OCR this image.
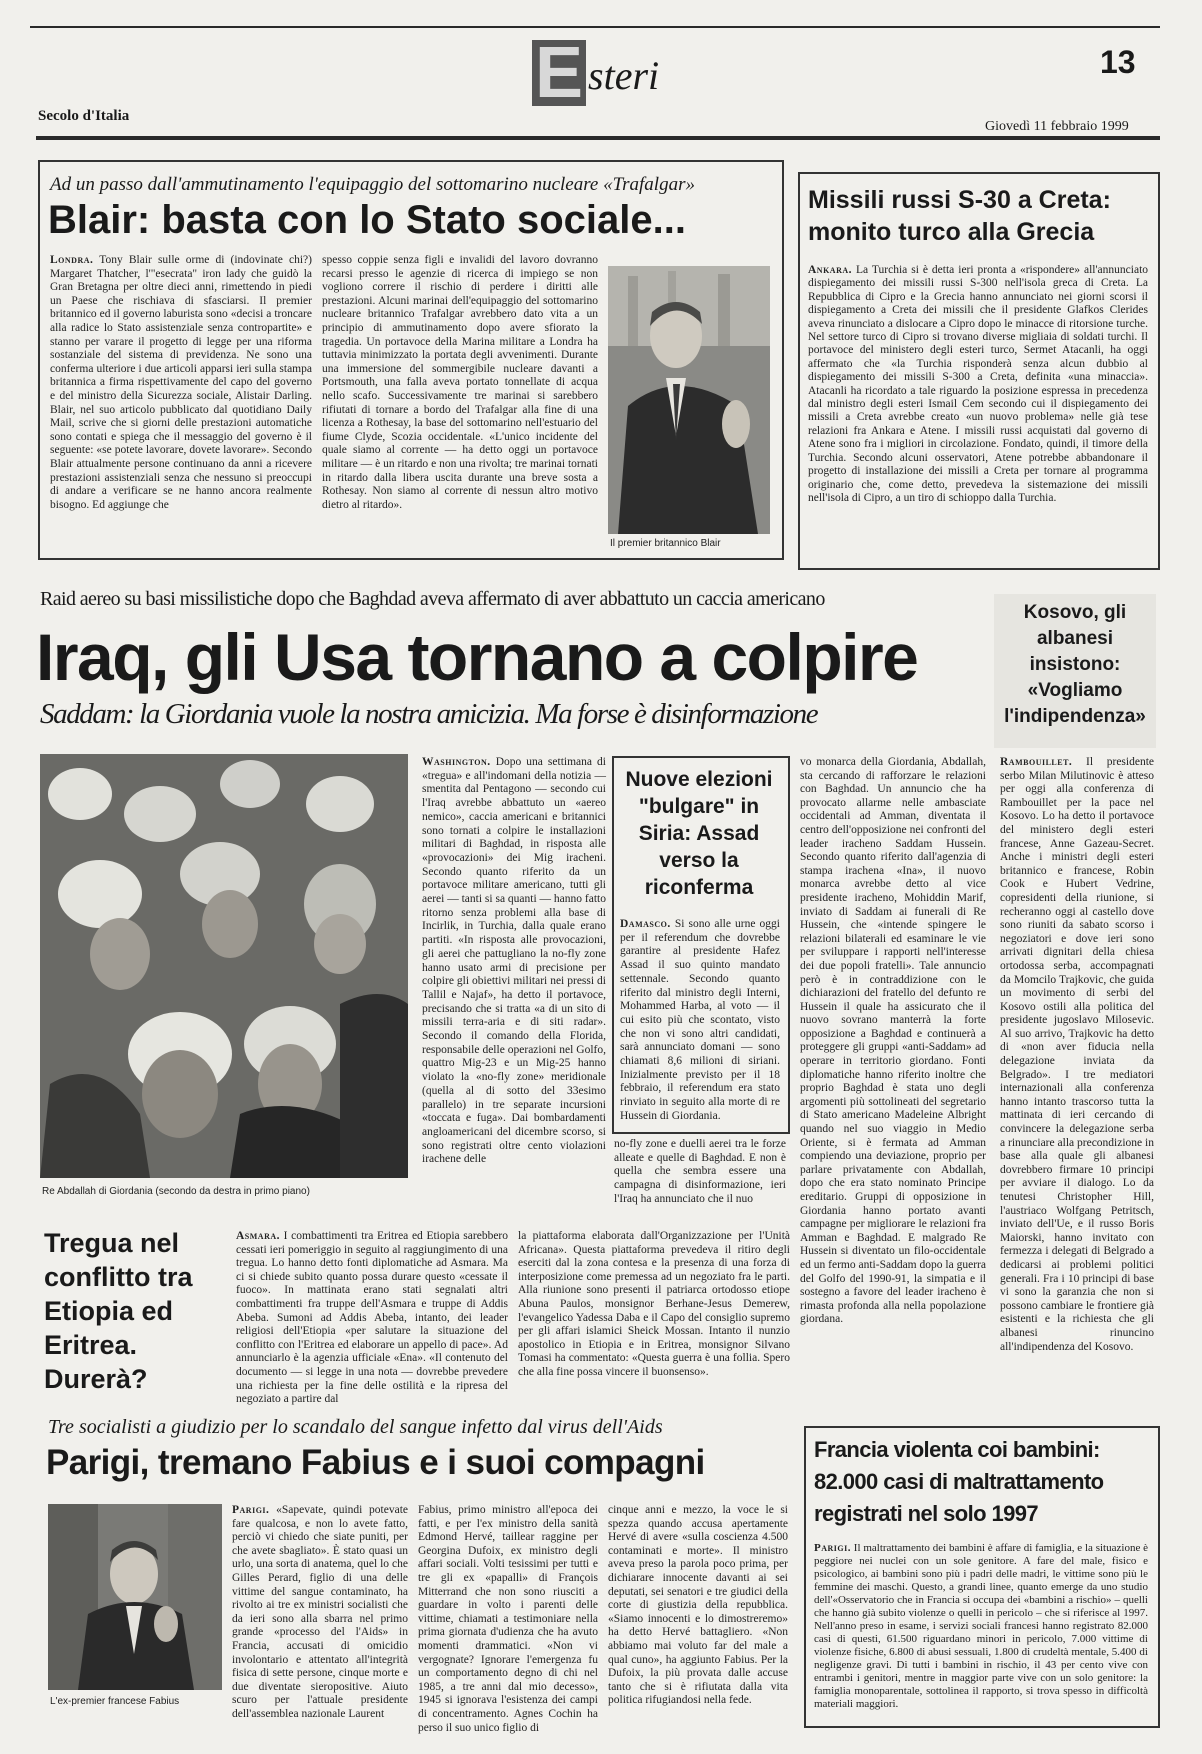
E steri	13
Secolo d'Italia
Giovedì 11 febbraio 1999
Ad un passo dall'ammutinamento l'equipaggio del sottomarino nucleare «Trafalgar»
Blair: basta con lo Stato sociale...
Londra. Tony Blair sulle orme di (indovinate chi?) Margaret Thatcher, l'"esecrata" iron lady che guidò la Gran Bretagna per oltre dieci anni, rimettendo in piedi un Paese che rischiava di sfasciarsi. Il premier britannico ed il governo laburista sono «decisi a troncare alla radice lo Stato assistenziale senza contropartite» e stanno per varare il progetto di legge per una riforma sostanziale del sistema di previdenza. Ne sono una conferma ulteriore i due articoli apparsi ieri sulla stampa britannica a firma rispettivamente del capo del governo e del ministro della Sicurezza sociale, Alistair Darling. Blair, nel suo articolo pubblicato dal quotidiano Daily Mail, scrive che si giorni delle prestazioni automatiche sono contati e spiega che il messaggio del governo è il seguente: «se potete lavorare, dovete lavorare». Secondo Blair attualmente persone continuano da anni a ricevere prestazioni assistenziali senza che nessuno si preoccupi di andare a verificare se ne hanno ancora realmente bisogno. Ed aggiunge che
spesso coppie senza figli e invalidi del lavoro dovranno recarsi presso le agenzie di ricerca di impiego se non vogliono correre il rischio di perdere i diritti alle prestazioni. Alcuni marinai dell'equipaggio del sottomarino nucleare britannico Trafalgar avrebbero dato vita a un principio di ammutinamento dopo avere sfiorato la tragedia. Un portavoce della Marina militare a Londra ha tuttavia minimizzato la portata degli avvenimenti. Durante una immersione del sommergibile nucleare davanti a Portsmouth, una falla aveva portato tonnellate di acqua nello scafo. Successivamente tre marinai si sarebbero rifiutati di tornare a bordo del Trafalgar alla fine di una licenza a Rothesay, la base del sottomarino nell'estuario del fiume Clyde, Scozia occidentale. «L'unico incidente del quale siamo al corrente — ha detto oggi un portavoce militare — è un ritardo e non una rivolta; tre marinai tornati in ritardo dalla libera uscita durante una breve sosta a Rothesay. Non siamo al corrente di nessun altro motivo dietro al ritardo».
Il premier britannico Blair
Missili russi S-30 a Creta: monito turco alla Grecia
Ankara. La Turchia si è detta ieri pronta a «rispondere» all'annunciato dispiegamento dei missili russi S-300 nell'isola greca di Creta. La Repubblica di Cipro e la Grecia hanno annunciato nei giorni scorsi il dispiegamento a Creta dei missili che il presidente Glafkos Clerides aveva rinunciato a dislocare a Cipro dopo le minacce di ritorsione turche. Nel settore turco di Cipro si trovano diverse migliaia di soldati turchi. Il portavoce del ministero degli esteri turco, Sermet Atacanli, ha oggi affermato che «la Turchia risponderà senza alcun dubbio al dispiegamento dei missili S-300 a Creta, definita «una minaccia». Atacanli ha ricordato a tale riguardo la posizione espressa in precedenza dal ministro degli esteri Ismail Cem secondo cui il dispiegamento dei missili a Creta avrebbe creato «un nuovo problema» nelle già tese relazioni fra Ankara e Atene. I missili russi acquistati dal governo di Atene sono fra i migliori in circolazione. Fondato, quindi, il timore della Turchia. Secondo alcuni osservatori, Atene potrebbe abbandonare il progetto di installazione dei missili a Creta per tornare al programma originario che, come detto, prevedeva la sistemazione dei missili nell'isola di Cipro, a un tiro di schioppo dalla Turchia.
Raid aereo su basi missilistiche dopo che Baghdad aveva affermato di aver abbattuto un caccia americano
Iraq, gli Usa tornano a colpire
Saddam: la Giordania vuole la nostra amicizia. Ma forse è disinformazione
Re Abdallah di Giordania (secondo da destra in primo piano)
Washington. Dopo una settimana di «tregua» e all'indomani della notizia — smentita dal Pentagono — secondo cui l'Iraq avrebbe abbattuto un «aereo nemico», caccia americani e britannici sono tornati a colpire le installazioni militari di Baghdad, in risposta alle «provocazioni» dei Mig iracheni. Secondo quanto riferito da un portavoce militare americano, tutti gli aerei — tanti si sa quanti — hanno fatto ritorno senza problemi alla base di Incirlik, in Turchia, dalla quale erano partiti. «In risposta alle provocazioni, gli aerei che pattugliano la no-fly zone hanno usato armi di precisione per colpire gli obiettivi militari nei pressi di Tallil e Najaf», ha detto il portavoce, precisando che si tratta «a di un sito di missili terra-aria e di siti radar». Secondo il comando della Florida, responsabile delle operazioni nel Golfo, quattro Mig-23 e un Mig-25 hanno violato la «no-fly zone» meridionale (quella al di sotto del 33esimo parallelo) in tre separate incursioni «toccata e fuga». Dai bombardamenti angloamericani del dicembre scorso, si sono registrati oltre cento violazioni irachene delle
Nuove elezioni "bulgare" in Siria: Assad verso la riconferma
Damasco. Si sono alle urne oggi per il referendum che dovrebbe garantire al presidente Hafez Assad il suo quinto mandato settennale. Secondo quanto riferito dal ministro degli Interni, Mohammed Harba, al voto — il cui esito più che scontato, visto che non vi sono altri candidati, sarà annunciato domani — sono chiamati 8,6 milioni di siriani. Inizialmente previsto per il 18 febbraio, il referendum era stato rinviato in seguito alla morte di re Hussein di Giordania.
no-fly zone e duelli aerei tra le forze alleate e quelle di Baghdad. E non è quella che sembra essere una campagna di disinformazione, ieri l'Iraq ha annunciato che il nuo
vo monarca della Giordania, Abdallah, sta cercando di rafforzare le relazioni con Baghdad. Un annuncio che ha provocato allarme nelle ambasciate occidentali ad Amman, diventata il centro dell'opposizione nei confronti del leader iracheno Saddam Hussein. Secondo quanto riferito dall'agenzia di stampa irachena «Ina», il nuovo monarca avrebbe detto al vice presidente iracheno, Mohiddin Marif, inviato di Saddam ai funerali di Re Hussein, che «intende spingere le relazioni bilaterali ed esaminare le vie per sviluppare i rapporti nell'interesse dei due popoli fratelli». Tale annuncio però è in contraddizione con le dichiarazioni del fratello del defunto re Hussein il quale ha assicurato che il nuovo sovrano manterrà la forte opposizione a Baghdad e continuerà a proteggere gli gruppi «anti-Saddam» ad operare in territorio giordano. Fonti diplomatiche hanno riferito inoltre che proprio Baghdad è stata uno degli argomenti più sottolineati del segretario di Stato americano Madeleine Albright quando nel suo viaggio in Medio Oriente, si è fermata ad Amman compiendo una deviazione, proprio per parlare privatamente con Abdallah, dopo che era stato nominato Principe ereditario. Gruppi di opposizione in Giordania hanno portato avanti campagne per migliorare le relazioni fra Amman e Baghdad. E malgrado Re Hussein si diventato un filo-occidentale ed un fermo anti-Saddam dopo la guerra del Golfo del 1990-91, la simpatia e il sostegno a favore del leader iracheno è rimasta profonda alla nella popolazione giordana.
Kosovo, gli albanesi insistono: «Vogliamo l'indipendenza»
Rambouillet. Il presidente serbo Milan Milutinovic è atteso per oggi alla conferenza di Rambouillet per la pace nel Kosovo. Lo ha detto il portavoce del ministero degli esteri francese, Anne Gazeau-Secret. Anche i ministri degli esteri britannico e francese, Robin Cook e Hubert Vedrine, copresidenti della riunione, si recheranno oggi al castello dove sono riuniti da sabato scorso i negoziatori e dove ieri sono arrivati dignitari della chiesa ortodossa serba, accompagnati da Momcilo Trajkovic, che guida un movimento di serbi del Kosovo ostili alla politica del presidente jugoslavo Milosevic. Al suo arrivo, Trajkovic ha detto di «non aver fiducia nella delegazione inviata da Belgrado». I tre mediatori internazionali alla conferenza hanno intanto trascorso tutta la mattinata di ieri cercando di convincere la delegazione serba a rinunciare alla precondizione in base alla quale gli albanesi dovrebbero firmare 10 principi per avviare il dialogo. Lo da tenutesi Christopher Hill, l'austriaco Wolfgang Petritsch, inviato dell'Ue, e il russo Boris Maiorski, hanno invitato con fermezza i delegati di Belgrado a dedicarsi ai problemi politici generali. Fra i 10 principi di base vi sono la garanzia che non si possono cambiare le frontiere già esistenti e la richiesta che gli albanesi rinuncino all'indipendenza del Kosovo.
Tregua nel conflitto tra Etiopia ed Eritrea. Durerà?
Asmara. I combattimenti tra Eritrea ed Etiopia sarebbero cessati ieri pomeriggio in seguito al raggiungimento di una tregua. Lo hanno detto fonti diplomatiche ad Asmara. Ma ci si chiede subito quanto possa durare questo «cessate il fuoco». In mattinata erano stati segnalati altri combattimenti fra truppe dell'Asmara e truppe di Addis Abeba. Sumoni ad Addis Abeba, intanto, dei leader religiosi dell'Etiopia «per salutare la situazione del conflitto con l'Eritrea ed elaborare un appello di pace». Ad annunciarlo è la agenzia ufficiale «Ena». «Il contenuto del documento — si legge in una nota — dovrebbe prevedere una richiesta per la fine delle ostilità e la ripresa del negoziato a partire dal
la piattaforma elaborata dall'Organizzazione per l'Unità Africana». Questa piattaforma prevedeva il ritiro degli eserciti dal la zona contesa e la presenza di una forza di interposizione come premessa ad un negoziato fra le parti. Alla riunione sono presenti il patriarca ortodosso etiope Abuna Paulos, monsignor Berhane-Jesus Demerew, l'evangelico Yadessa Daba e il Capo del consiglio supremo per gli affari islamici Sheick Mossan. Intanto il nunzio apostolico in Etiopia e in Eritrea, monsignor Silvano Tomasi ha commentato: «Questa guerra è una follia. Spero che alla fine possa vincere il buonsenso».
Tre socialisti a giudizio per lo scandalo del sangue infetto dal virus dell'Aids
Parigi, tremano Fabius e i suoi compagni
L'ex-premier francese Fabius
Parigi. «Sapevate, quindi potevate fare qualcosa, e non lo avete fatto, perciò vi chiedo che siate puniti, per che avete sbagliato». È stato quasi un urlo, una sorta di anatema, quel lo che Gilles Perard, figlio di una delle vittime del sangue contaminato, ha rivolto ai tre ex ministri socialisti che da ieri sono alla sbarra nel primo grande «processo del l'Aids» in Francia, accusati di omicidio involontario e attentato all'integrità fisica di sette persone, cinque morte e due diventate sieropositive. Aiuto scuro per l'attuale presidente dell'assemblea nazionale Laurent
Fabius, primo ministro all'epoca dei fatti, e per l'ex ministro della sanità Edmond Hervé, taillear raggine per Georgina Dufoix, ex ministro degli affari sociali. Volti tesissimi per tutti e tre gli ex «papalli» di François Mitterrand che non sono riusciti a guardare in volto i parenti delle vittime, chiamati a testimoniare nella prima giornata d'udienza che ha avuto momenti drammatici. «Non vi vergognate? Ignorare l'emergenza fu un comportamento degno di chi nel 1985, a tre anni dal mio decesso», 1945 si ignorava l'esistenza dei campi di concentramento. Agnes Cochin ha perso il suo unico figlio di
cinque anni e mezzo, la voce le si spezza quando accusa apertamente Hervé di avere «sulla coscienza 4.500 contaminati e morte». Il ministro aveva preso la parola poco prima, per dichiarare innocente davanti ai sei deputati, sei senatori e tre giudici della corte di giustizia della repubblica. «Siamo innocenti e lo dimostreremo» ha detto Hervé battagliero. «Non abbiamo mai voluto far del male a qual cuno», ha aggiunto Fabius. Per la Dufoix, la più provata dalle accuse tanto che si è rifiutata dalla vita politica rifugiandosi nella fede.
Francia violenta coi bambini: 82.000 casi di maltrattamento registrati nel solo 1997
Parigi. Il maltrattamento dei bambini è affare di famiglia, e la situazione è peggiore nei nuclei con un sole genitore. A fare del male, fisico e psicologico, ai bambini sono più i padri delle madri, le vittime sono più le femmine dei maschi. Questo, a grandi linee, quanto emerge da uno studio dell'«Osservatorio che in Francia si occupa dei «bambini a rischio» – quelli che hanno già subito violenze o quelli in pericolo – che si riferisce al 1997. Nell'anno preso in esame, i servizi sociali francesi hanno registrato 82.000 casi di questi, 61.500 riguardano minori in pericolo, 7.000 vittime di violenze fisiche, 6.800 di abusi sessuali, 1.800 di crudeltà mentale, 5.400 di negligenze gravi. Di tutti i bambini in rischio, il 43 per cento vive con entrambi i genitori, mentre in maggior parte vive con un solo genitore: la famiglia monoparentale, sottolinea il rapporto, si trova spesso in difficoltà materiali maggiori.
